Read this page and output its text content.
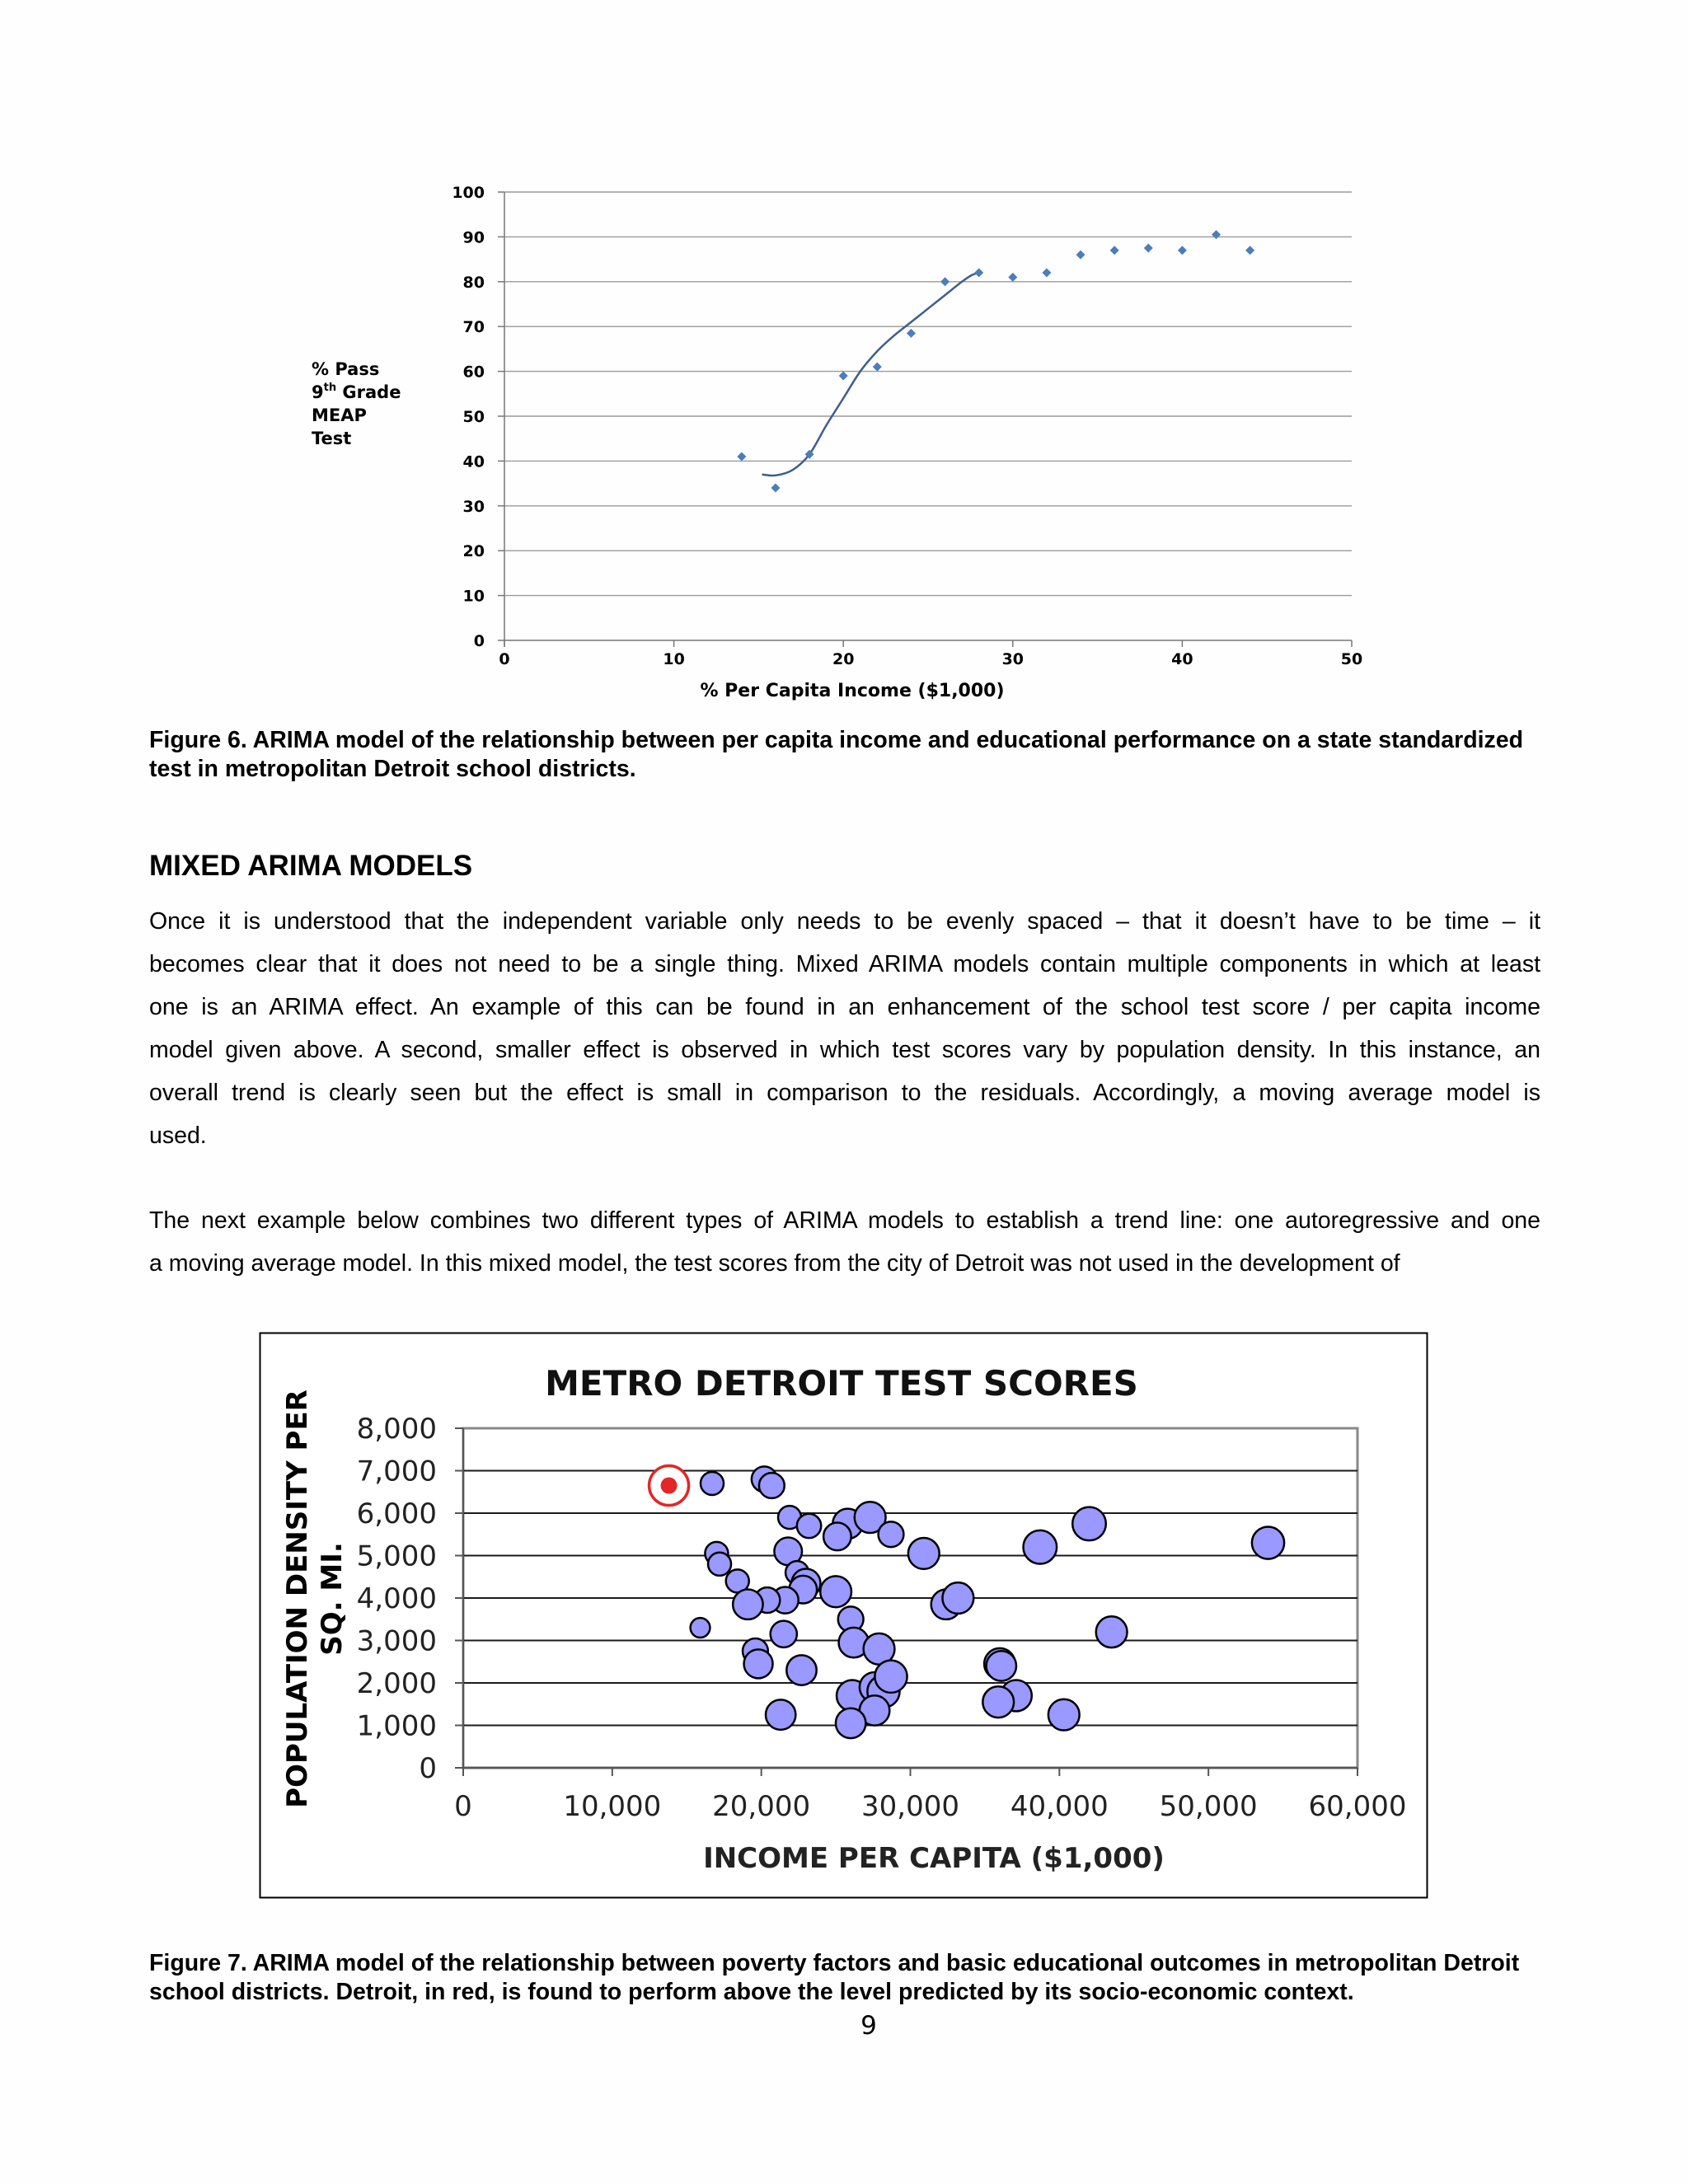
0
10
20
30
40
50
60
70
80
90
100
0	10	20	30	40	50
% Pass
9th Grade
MEAP
Test
% Per Capita Income ($1,000)
Figure 6. ARIMA model of the relationship between per capita income and educational performance on a state standardized test in metropolitan Detroit school districts.
MIXED ARIMA MODELS
Once it is understood that the independent variable only needs to be evenly spaced – that it doesn’t have to be time – it
becomes clear that it does not need to be a single thing. Mixed ARIMA models contain multiple components in which at least
one is an ARIMA effect. An example of this can be found in an enhancement of the school test score / per capita income
model given above. A second, smaller effect is observed in which test scores vary by population density. In this instance, an
overall trend is clearly seen but the effect is small in comparison to the residuals. Accordingly, a moving average model is
used.
The next example below combines two different types of ARIMA models to establish a trend line: one autoregressive and one
a moving average model. In this mixed model, the test scores from the city of Detroit was not used in the development of
METRO DETROIT TEST SCORES
0
1,000
2,000
3,000
4,000
5,000
6,000
7,000
8,000
0	10,000 20,000 30,000 40,000 50,000 60,000
POPULATION DENSITY PER SQ. MI.
INCOME PER CAPITA ($1,000)
Figure 7. ARIMA model of the relationship between poverty factors and basic educational outcomes in metropolitan Detroit school districts. Detroit, in red, is found to perform above the level predicted by its socio-economic context.
9
